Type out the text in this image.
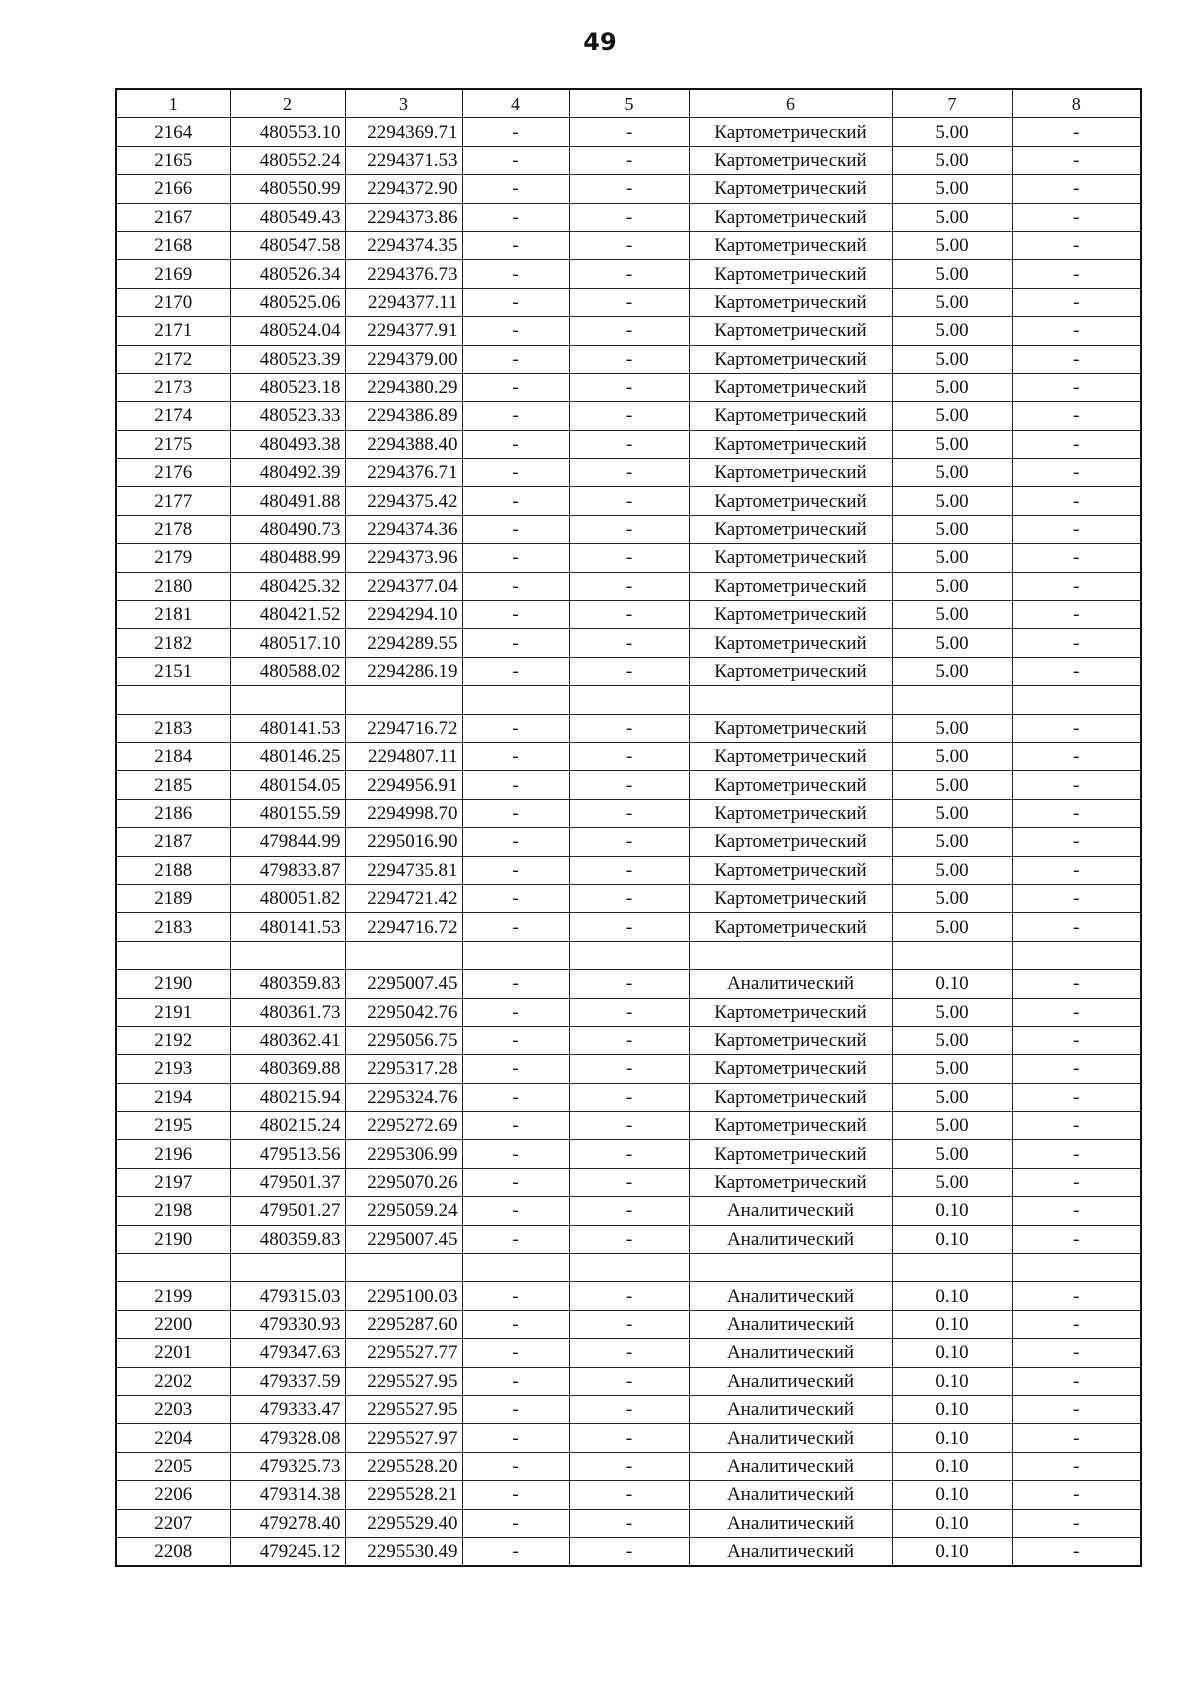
49
1	2	3	4	5	6	7	8
2164	480553.10	2294369.71	-	-	Картометрический	5.00	-
2165	480552.24	2294371.53	-	-	Картометрический	5.00	-
2166	480550.99	2294372.90	-	-	Картометрический	5.00	-
2167	480549.43	2294373.86	-	-	Картометрический	5.00	-
2168	480547.58	2294374.35	-	-	Картометрический	5.00	-
2169	480526.34	2294376.73	-	-	Картометрический	5.00	-
2170	480525.06	2294377.11	-	-	Картометрический	5.00	-
2171	480524.04	2294377.91	-	-	Картометрический	5.00	-
2172	480523.39	2294379.00	-	-	Картометрический	5.00	-
2173	480523.18	2294380.29	-	-	Картометрический	5.00	-
2174	480523.33	2294386.89	-	-	Картометрический	5.00	-
2175	480493.38	2294388.40	-	-	Картометрический	5.00	-
2176	480492.39	2294376.71	-	-	Картометрический	5.00	-
2177	480491.88	2294375.42	-	-	Картометрический	5.00	-
2178	480490.73	2294374.36	-	-	Картометрический	5.00	-
2179	480488.99	2294373.96	-	-	Картометрический	5.00	-
2180	480425.32	2294377.04	-	-	Картометрический	5.00	-
2181	480421.52	2294294.10	-	-	Картометрический	5.00	-
2182	480517.10	2294289.55	-	-	Картометрический	5.00	-
2151	480588.02	2294286.19	-	-	Картометрический	5.00	-

2183	480141.53	2294716.72	-	-	Картометрический	5.00	-
2184	480146.25	2294807.11	-	-	Картометрический	5.00	-
2185	480154.05	2294956.91	-	-	Картометрический	5.00	-
2186	480155.59	2294998.70	-	-	Картометрический	5.00	-
2187	479844.99	2295016.90	-	-	Картометрический	5.00	-
2188	479833.87	2294735.81	-	-	Картометрический	5.00	-
2189	480051.82	2294721.42	-	-	Картометрический	5.00	-
2183	480141.53	2294716.72	-	-	Картометрический	5.00	-

2190	480359.83	2295007.45	-	-	Аналитический	0.10	-
2191	480361.73	2295042.76	-	-	Картометрический	5.00	-
2192	480362.41	2295056.75	-	-	Картометрический	5.00	-
2193	480369.88	2295317.28	-	-	Картометрический	5.00	-
2194	480215.94	2295324.76	-	-	Картометрический	5.00	-
2195	480215.24	2295272.69	-	-	Картометрический	5.00	-
2196	479513.56	2295306.99	-	-	Картометрический	5.00	-
2197	479501.37	2295070.26	-	-	Картометрический	5.00	-
2198	479501.27	2295059.24	-	-	Аналитический	0.10	-
2190	480359.83	2295007.45	-	-	Аналитический	0.10	-

2199	479315.03	2295100.03	-	-	Аналитический	0.10	-
2200	479330.93	2295287.60	-	-	Аналитический	0.10	-
2201	479347.63	2295527.77	-	-	Аналитический	0.10	-
2202	479337.59	2295527.95	-	-	Аналитический	0.10	-
2203	479333.47	2295527.95	-	-	Аналитический	0.10	-
2204	479328.08	2295527.97	-	-	Аналитический	0.10	-
2205	479325.73	2295528.20	-	-	Аналитический	0.10	-
2206	479314.38	2295528.21	-	-	Аналитический	0.10	-
2207	479278.40	2295529.40	-	-	Аналитический	0.10	-
2208	479245.12	2295530.49	-	-	Аналитический	0.10	-
